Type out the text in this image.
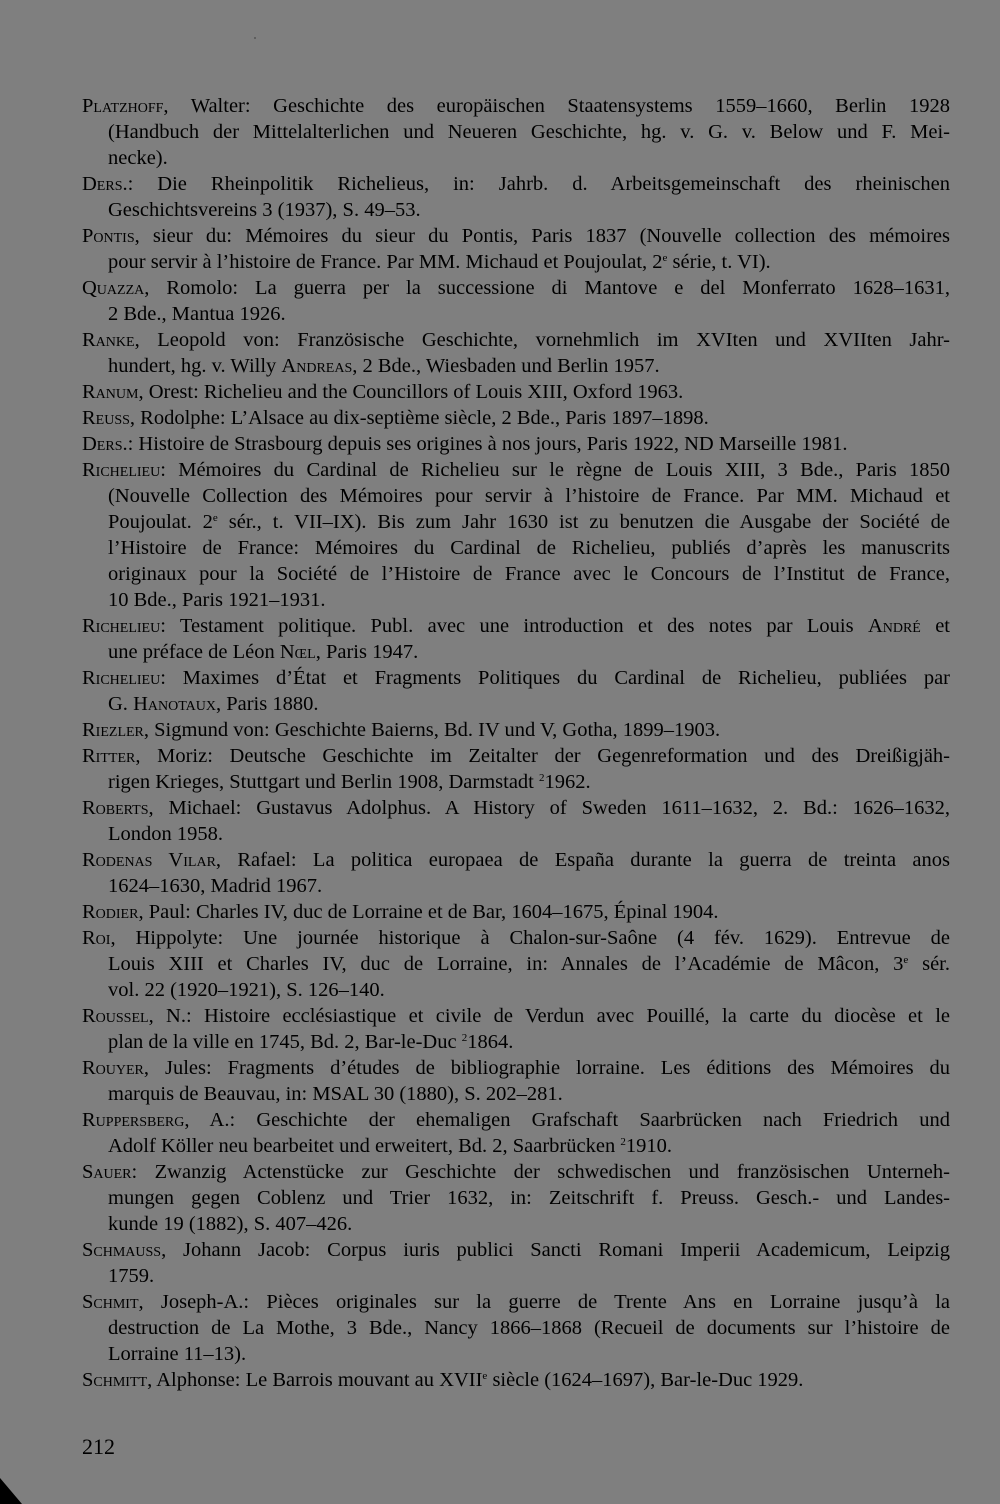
Platzhoff, Walter: Geschichte des europäischen Staatensystems 1559–1660, Berlin 1928
(Handbuch der Mittelalterlichen und Neueren Geschichte, hg. v. G. v. Below und F. Mei-
necke).
Ders.: Die Rheinpolitik Richelieus, in: Jahrb. d. Arbeitsgemeinschaft des rheinischen
Geschichtsvereins 3 (1937), S. 49–53.
Pontis, sieur du: Mémoires du sieur du Pontis, Paris 1837 (Nouvelle collection des mémoires
pour servir à l’histoire de France. Par MM. Michaud et Poujoulat, 2e série, t. VI).
Quazza, Romolo: La guerra per la successione di Mantove e del Monferrato 1628–1631,
2 Bde., Mantua 1926.
Ranke, Leopold von: Französische Geschichte, vornehmlich im XVIten und XVIIten Jahr-
hundert, hg. v. Willy Andreas, 2 Bde., Wiesbaden und Berlin 1957.
Ranum, Orest: Richelieu and the Councillors of Louis XIII, Oxford 1963.
Reuss, Rodolphe: L’Alsace au dix-septième siècle, 2 Bde., Paris 1897–1898.
Ders.: Histoire de Strasbourg depuis ses origines à nos jours, Paris 1922, ND Marseille 1981.
Richelieu: Mémoires du Cardinal de Richelieu sur le règne de Louis XIII, 3 Bde., Paris 1850
(Nouvelle Collection des Mémoires pour servir à l’histoire de France. Par MM. Michaud et
Poujoulat. 2e sér., t. VII–IX). Bis zum Jahr 1630 ist zu benutzen die Ausgabe der Société de
l’Histoire de France: Mémoires du Cardinal de Richelieu, publiés d’après les manuscrits
originaux pour la Société de l’Histoire de France avec le Concours de l’Institut de France,
10 Bde., Paris 1921–1931.
Richelieu: Testament politique. Publ. avec une introduction et des notes par Louis André et
une préface de Léon Nœl, Paris 1947.
Richelieu: Maximes d’État et Fragments Politiques du Cardinal de Richelieu, publiées par
G. Hanotaux, Paris 1880.
Riezler, Sigmund von: Geschichte Baierns, Bd. IV und V, Gotha, 1899–1903.
Ritter, Moriz: Deutsche Geschichte im Zeitalter der Gegenreformation und des Dreißigjäh-
rigen Krieges, Stuttgart und Berlin 1908, Darmstadt $^2$1962.
Roberts, Michael: Gustavus Adolphus. A History of Sweden 1611–1632, 2. Bd.: 1626–1632,
London 1958.
Rodenas Vilar, Rafael: La politica europaea de España durante la guerra de treinta anos
1624–1630, Madrid 1967.
Rodier, Paul: Charles IV, duc de Lorraine et de Bar, 1604–1675, Épinal 1904.
Roi, Hippolyte: Une journée historique à Chalon-sur-Saône (4 fév. 1629). Entrevue de
Louis XIII et Charles IV, duc de Lorraine, in: Annales de l’Académie de Mâcon, 3e sér.
vol. 22 (1920–1921), S. 126–140.
Roussel, N.: Histoire ecclésiastique et civile de Verdun avec Pouillé, la carte du diocèse et le
plan de la ville en 1745, Bd. 2, Bar-le-Duc $^2$1864.
Rouyer, Jules: Fragments d’études de bibliographie lorraine. Les éditions des Mémoires du
marquis de Beauvau, in: MSAL 30 (1880), S. 202–281.
Ruppersberg, A.: Geschichte der ehemaligen Grafschaft Saarbrücken nach Friedrich und
Adolf Köller neu bearbeitet und erweitert, Bd. 2, Saarbrücken $^2$1910.
Sauer: Zwanzig Actenstücke zur Geschichte der schwedischen und französischen Unterneh-
mungen gegen Coblenz und Trier 1632, in: Zeitschrift f. Preuss. Gesch.- und Landes-
kunde 19 (1882), S. 407–426.
Schmauss, Johann Jacob: Corpus iuris publici Sancti Romani Imperii Academicum, Leipzig
1759.
Schmit, Joseph-A.: Pièces originales sur la guerre de Trente Ans en Lorraine jusqu’à la
destruction de La Mothe, 3 Bde., Nancy 1866–1868 (Recueil de documents sur l’histoire de
Lorraine 11–13).
Schmitt, Alphonse: Le Barrois mouvant au XVIIe siècle (1624–1697), Bar-le-Duc 1929.
212
